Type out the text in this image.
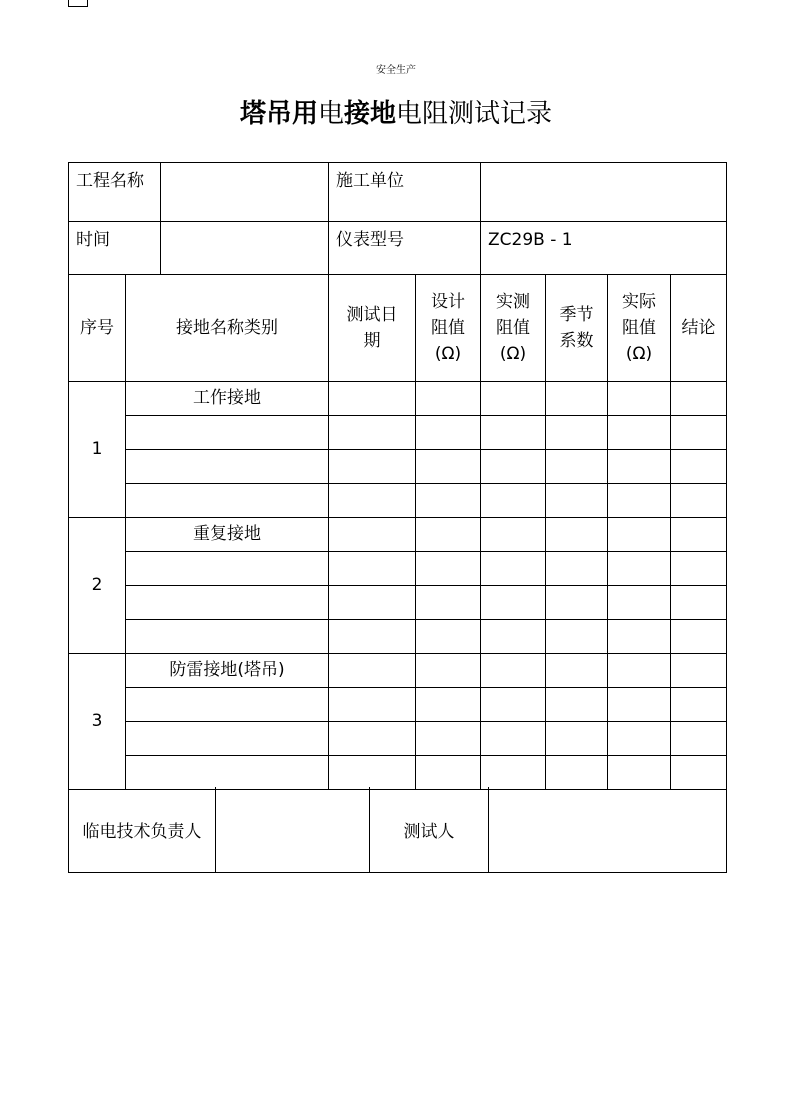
安全生产
塔吊用电接地电阻测试记录
工程名称			施工单位					
时间			仪表型号		ZC29B - 1			
序号	接地名称类别		测试日期	设计阻值(Ω)	实测阻值(Ω)	季节系数	实际阻值(Ω)	结论
1	工作接地							

2	重复接地							

3	防雷接地(塔吊)							

临电技术负责人		测试人	
